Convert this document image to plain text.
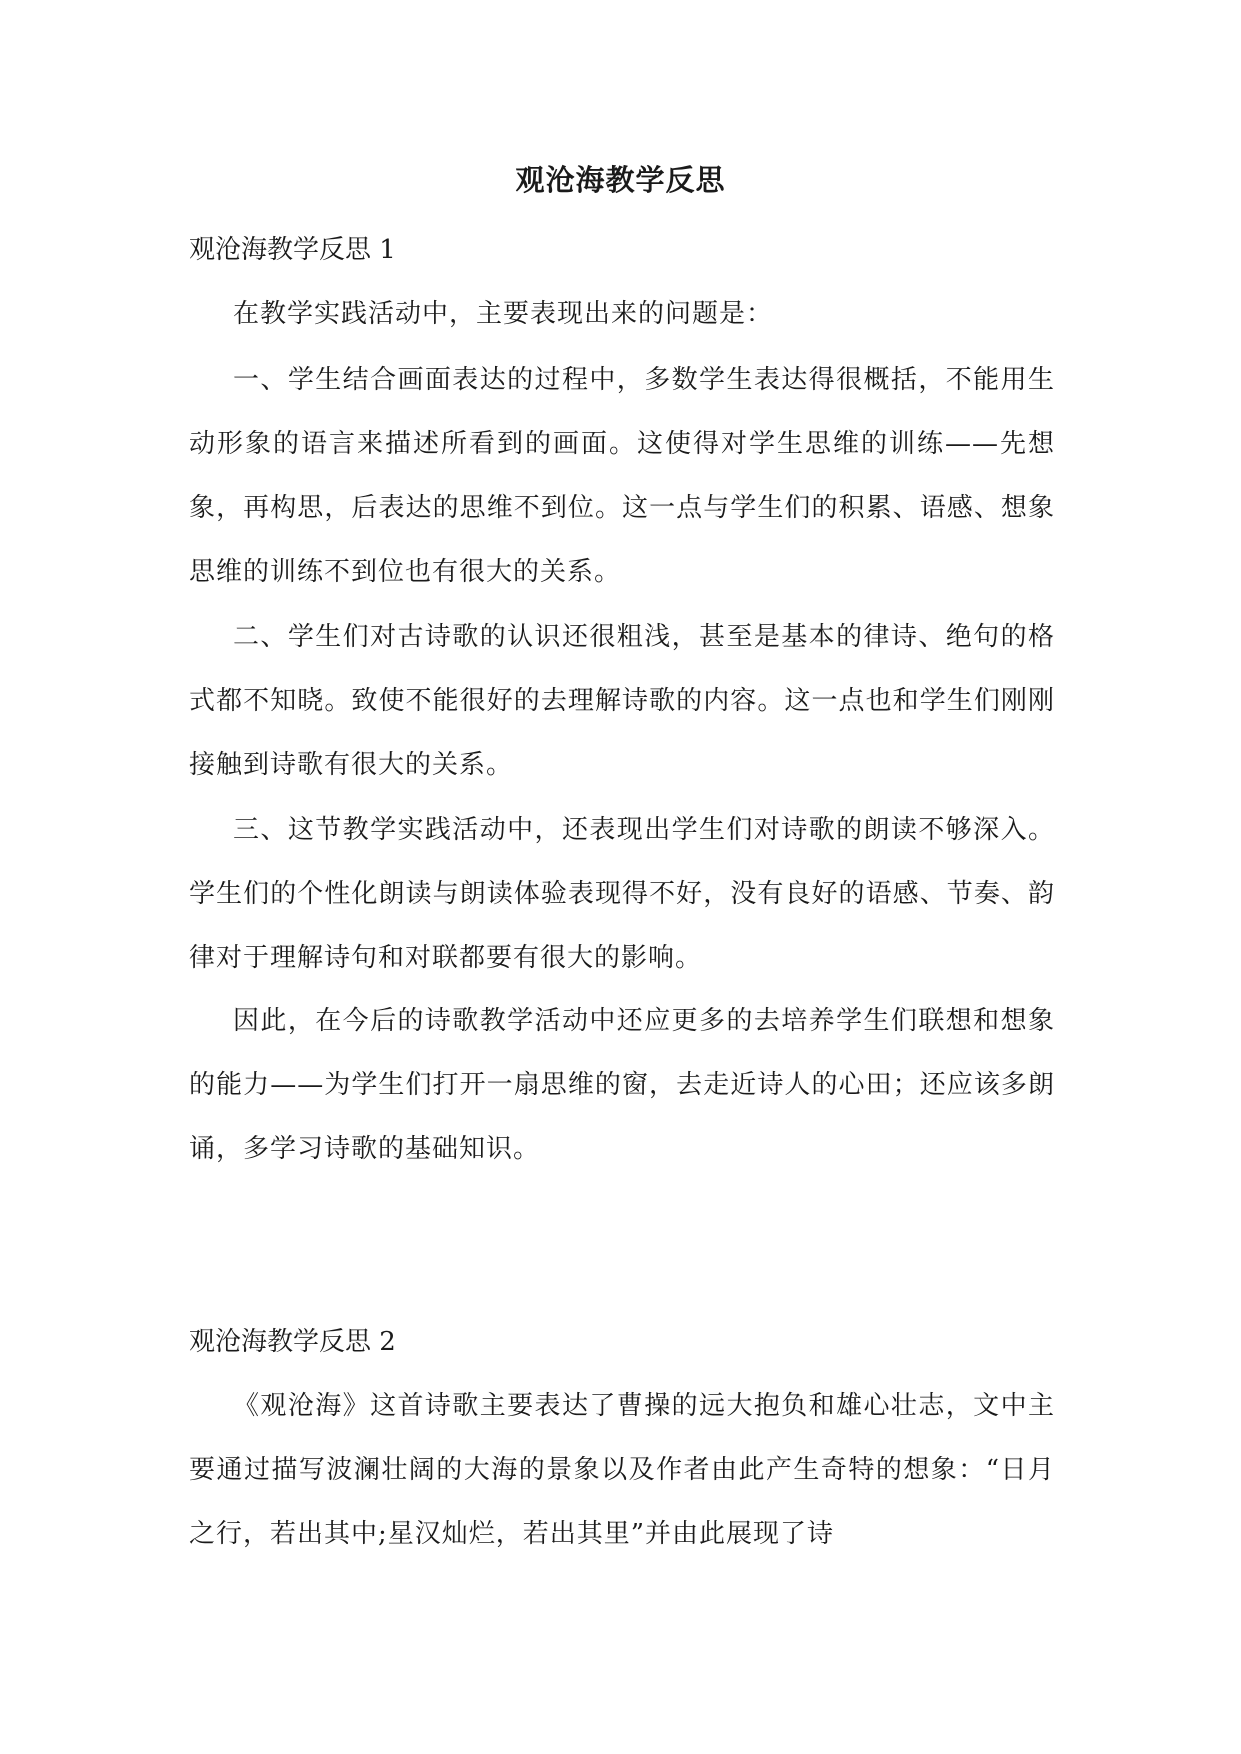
观沧海教学反思
观沧海教学反思 1
在教学实践活动中，主要表现出来的问题是：
一、学生结合画面表达的过程中，多数学生表达得很概括，不能用生动形象的语言来描述所看到的画面。这使得对学生思维的训练——先想象，再构思，后表达的思维不到位。这一点与学生们的积累、语感、想象思维的训练不到位也有很大的关系。
二、学生们对古诗歌的认识还很粗浅，甚至是基本的律诗、绝句的格式都不知晓。致使不能很好的去理解诗歌的内容。这一点也和学生们刚刚接触到诗歌有很大的关系。
三、这节教学实践活动中，还表现出学生们对诗歌的朗读不够深入。学生们的个性化朗读与朗读体验表现得不好，没有良好的语感、节奏、韵律对于理解诗句和对联都要有很大的影响。
因此，在今后的诗歌教学活动中还应更多的去培养学生们联想和想象的能力——为学生们打开一扇思维的窗，去走近诗人的心田；还应该多朗诵，多学习诗歌的基础知识。
观沧海教学反思 2
《观沧海》这首诗歌主要表达了曹操的远大抱负和雄心壮志，文中主要通过描写波澜壮阔的大海的景象以及作者由此产生奇特的想象：“日月之行，若出其中;星汉灿烂，若出其里”并由此展现了诗
